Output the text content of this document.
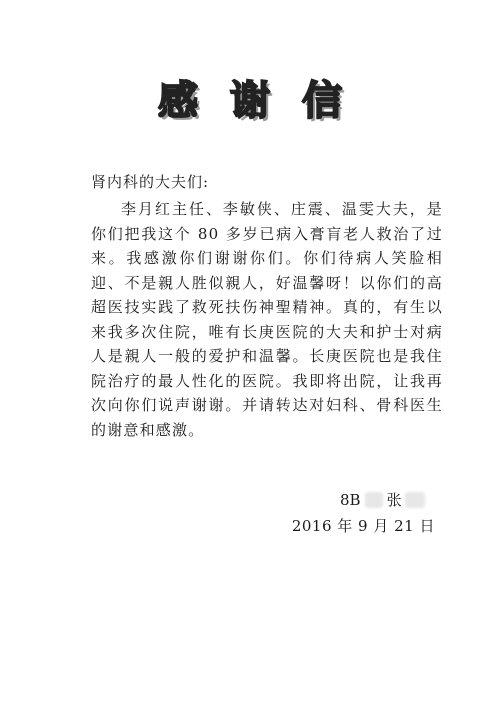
感谢信
肾内科的大夫们:

李月红主任、李敏侠、庄震、温雯大夫，是你们把我这个 80 多岁已病入膏肓老人救治了过来。我感激你们谢谢你们。你们待病人笑脸相迎、不是親人胜似親人，好温馨呀！以你们的高超医技实践了救死扶伤神聖精神。真的，有生以来我多次住院，唯有长庚医院的大夫和护士对病人是親人一般的爱护和温馨。长庚医院也是我住院治疗的最人性化的医院。我即将出院，让我再次向你们说声谢谢。并请转达对妇科、骨科医生的谢意和感激。

8B 张
2016 年 9 月 21 日
